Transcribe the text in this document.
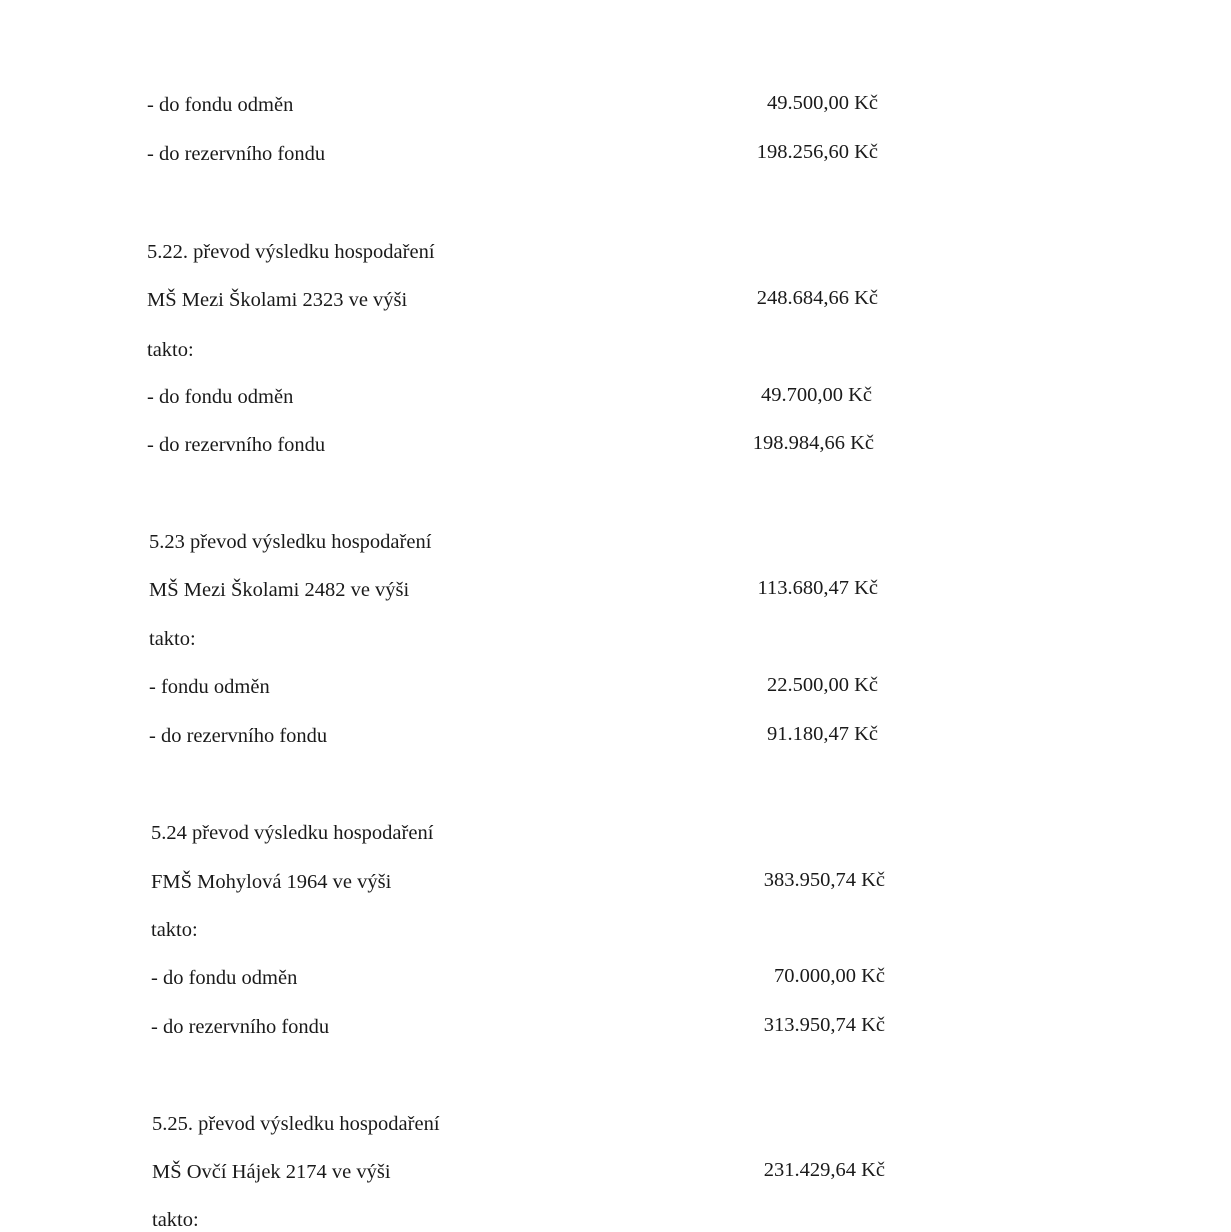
- do fondu odměn	49.500,00 Kč
- do rezervního fondu	198.256,60 Kč
5.22. převod výsledku hospodaření
MŠ Mezi Školami 2323 ve výši	248.684,66 Kč
takto:
- do fondu odměn	49.700,00 Kč
- do rezervního fondu	198.984,66 Kč
5.23 převod výsledku hospodaření
MŠ Mezi Školami 2482 ve výši	113.680,47 Kč
takto:
- fondu odměn	22.500,00 Kč
- do rezervního fondu	91.180,47 Kč
5.24 převod výsledku hospodaření
FMŠ Mohylová 1964 ve výši	383.950,74 Kč
takto:
- do fondu odměn	70.000,00 Kč
- do rezervního fondu	313.950,74 Kč
5.25. převod výsledku hospodaření
MŠ Ovčí Hájek 2174 ve výši	231.429,64 Kč
takto:
